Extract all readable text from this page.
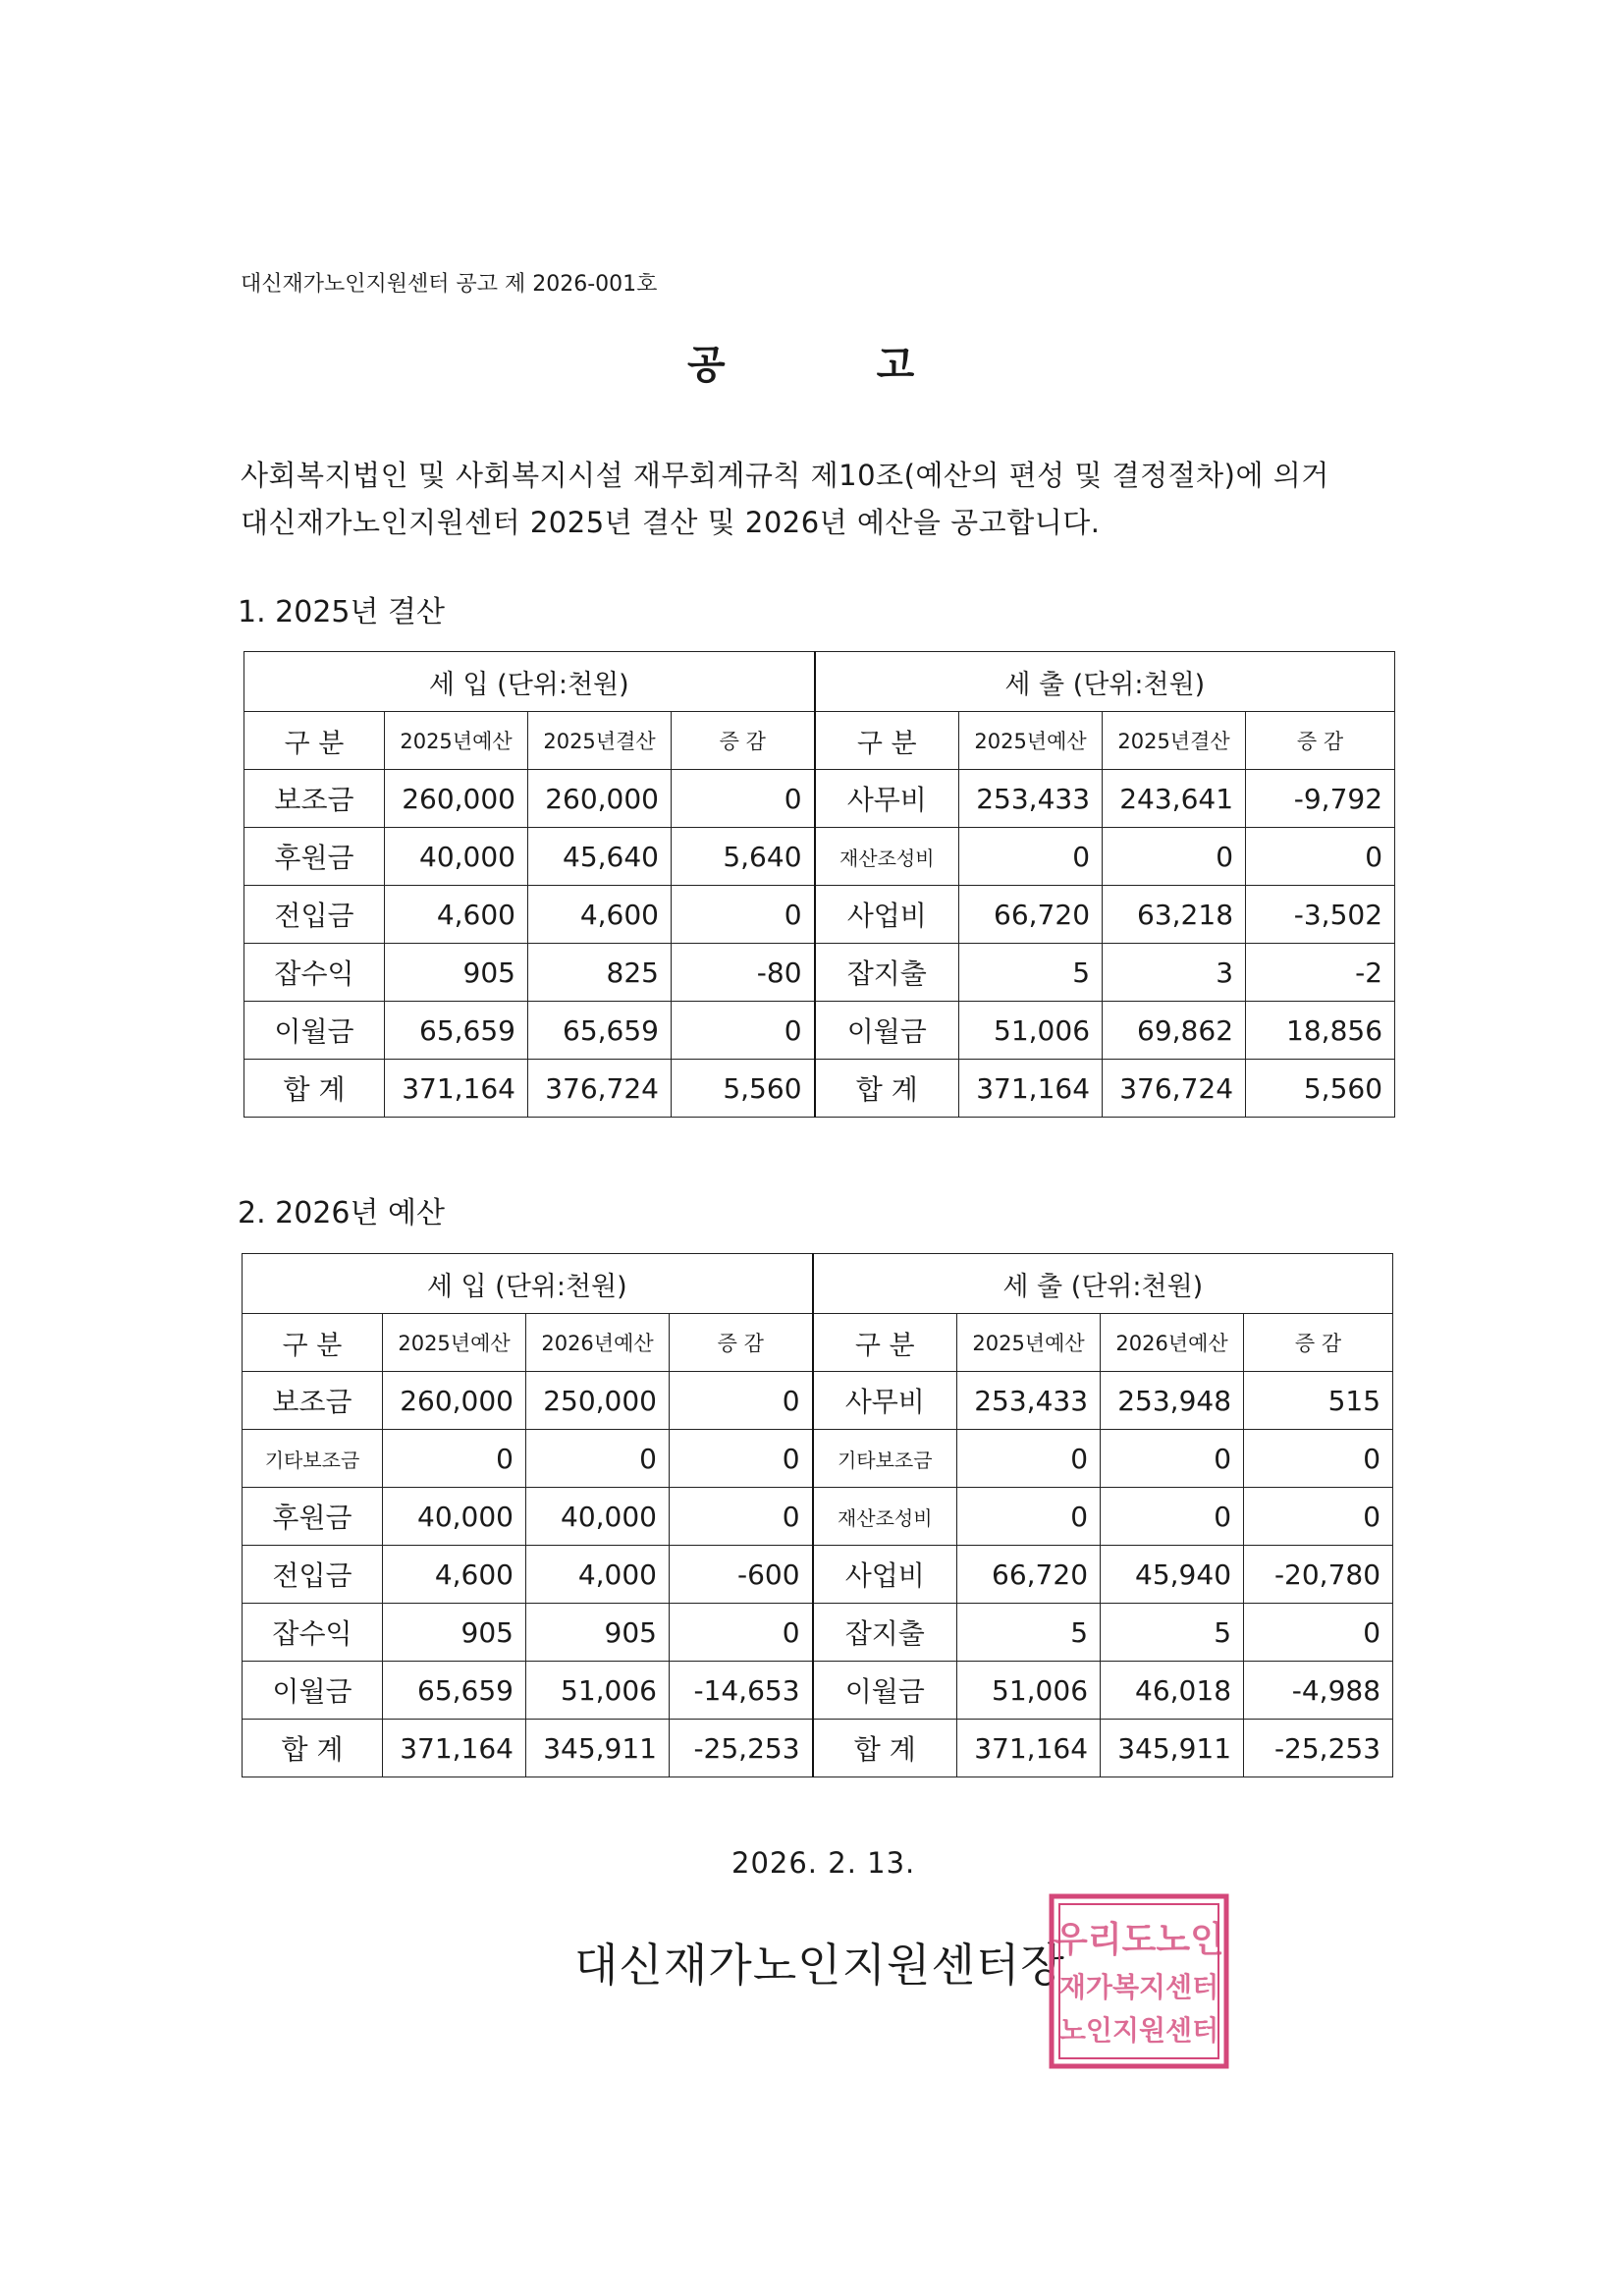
대신재가노인지원센터 공고 제 2026-001호
공	고
사회복지법인 및 사회복지시설 재무회계규칙 제10조(예산의 편성 및 결정절차)에 의거
대신재가노인지원센터 2025년 결산 및 2026년 예산을 공고합니다.
1. 2025년 결산
세 입 (단위:천원)				세 출 (단위:천원)			
구 분	2025년예산	2025년결산	증 감	구 분	2025년예산	2025년결산	증 감
보조금	260,000	260,000	0	사무비	253,433	243,641	-9,792
후원금	40,000	45,640	5,640	재산조성비	0	0	0
전입금	4,600	4,600	0	사업비	66,720	63,218	-3,502
잡수익	905	825	-80	잡지출	5	3	-2
이월금	65,659	65,659	0	이월금	51,006	69,862	18,856
합 계	371,164	376,724	5,560	합 계	371,164	376,724	5,560
2. 2026년 예산
세 입 (단위:천원)				세 출 (단위:천원)			
구 분	2025년예산	2026년예산	증 감	구 분	2025년예산	2026년예산	증 감
보조금	260,000	250,000	0	사무비	253,433	253,948	515
기타보조금	0	0	0	기타보조금	0	0	0
후원금	40,000	40,000	0	재산조성비	0	0	0
전입금	4,600	4,000	-600	사업비	66,720	45,940	-20,780
잡수익	905	905	0	잡지출	5	5	0
이월금	65,659	51,006	-14,653	이월금	51,006	46,018	-4,988
합 계	371,164	345,911	-25,253	합 계	371,164	345,911	-25,253
2026. 2. 13.
대신재가노인지원센터장
우리도노인
재가복지센터
노인지원센터
